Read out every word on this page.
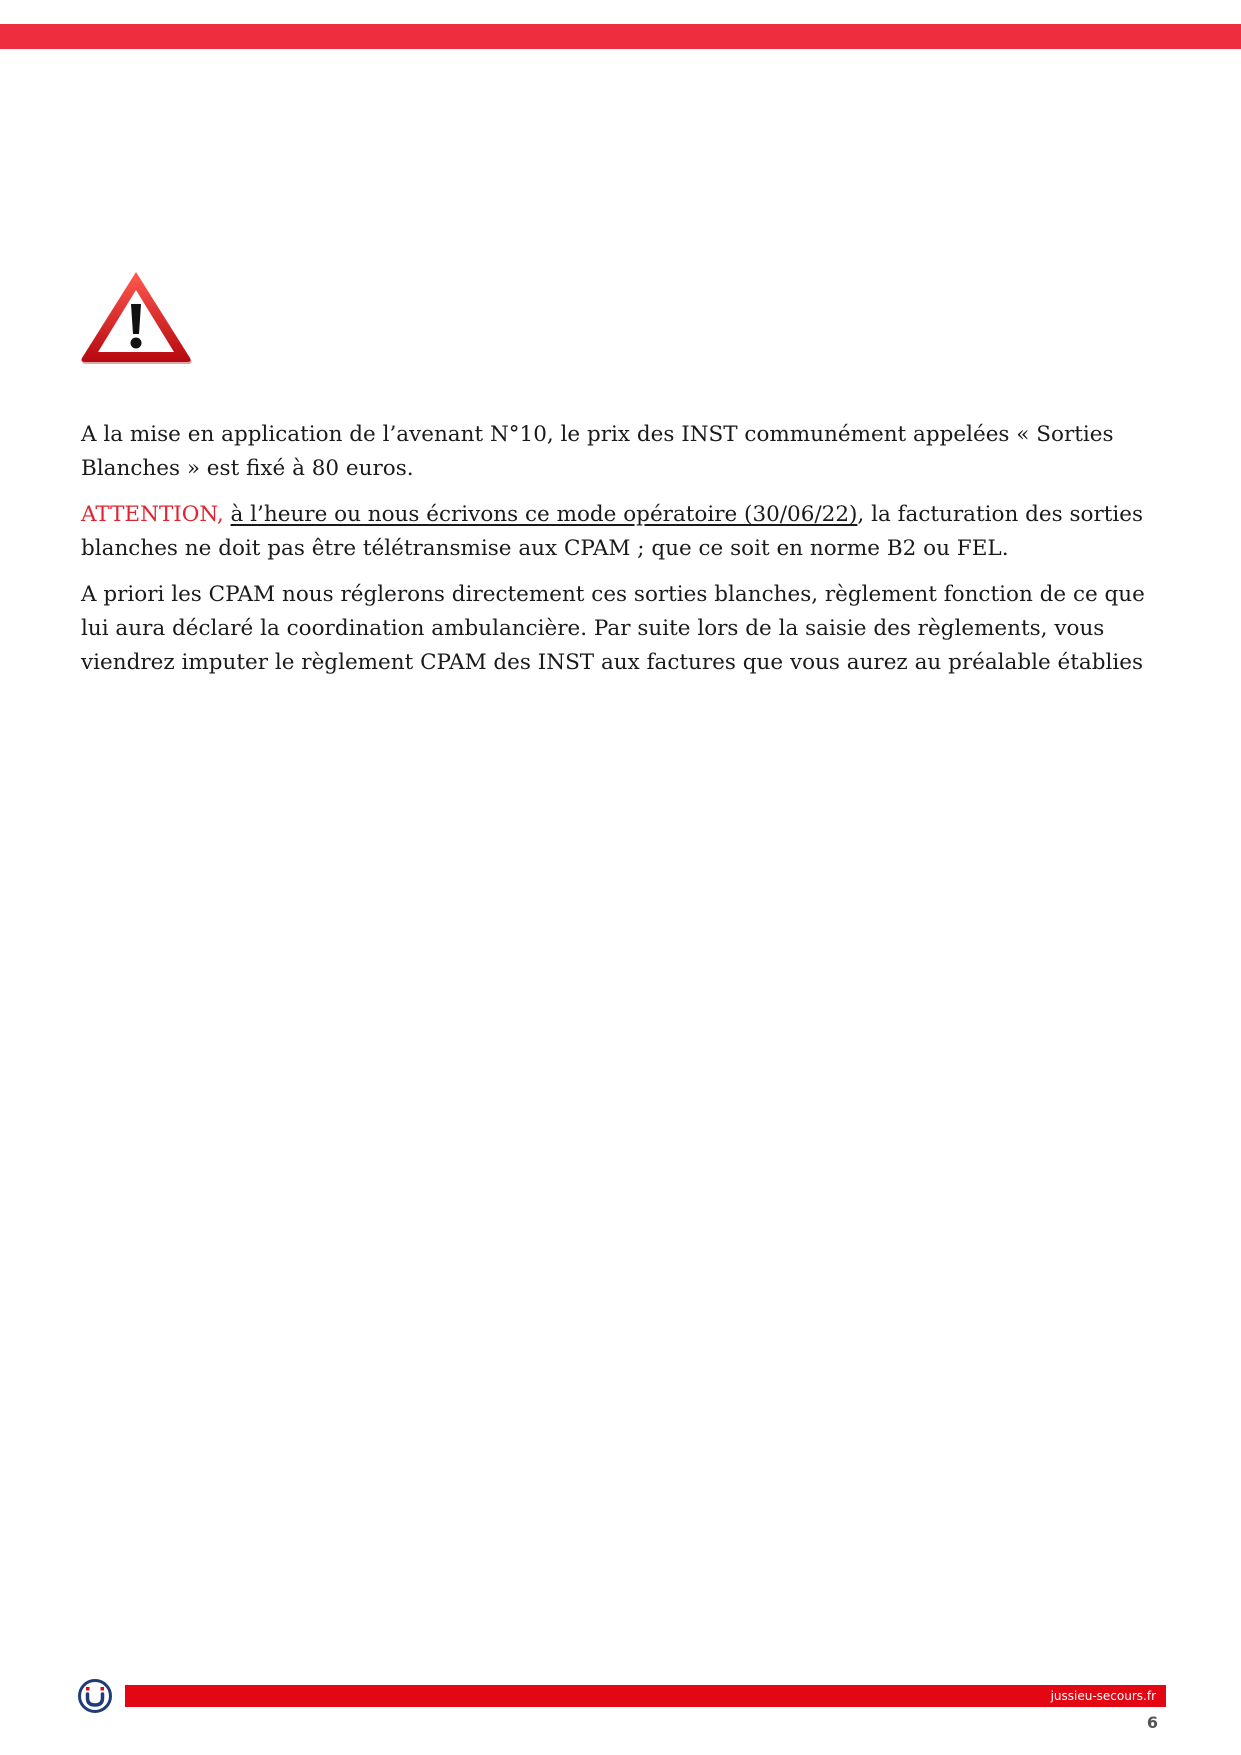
A la mise en application de l’avenant N°10, le prix des INST communément appelées « Sorties Blanches » est fixé à 80 euros.

ATTENTION, à l’heure ou nous écrivons ce mode opératoire (30/06/22), la facturation des sorties blanches ne doit pas être télétransmise aux CPAM ; que ce soit en norme B2 ou FEL.

A priori les CPAM nous réglerons directement ces sorties blanches, règlement fonction de ce que lui aura déclaré la coordination ambulancière. Par suite lors de la saisie des règlements, vous viendrez imputer le règlement CPAM des INST aux factures que vous aurez au préalable établies

jussieu-secours.fr
6
